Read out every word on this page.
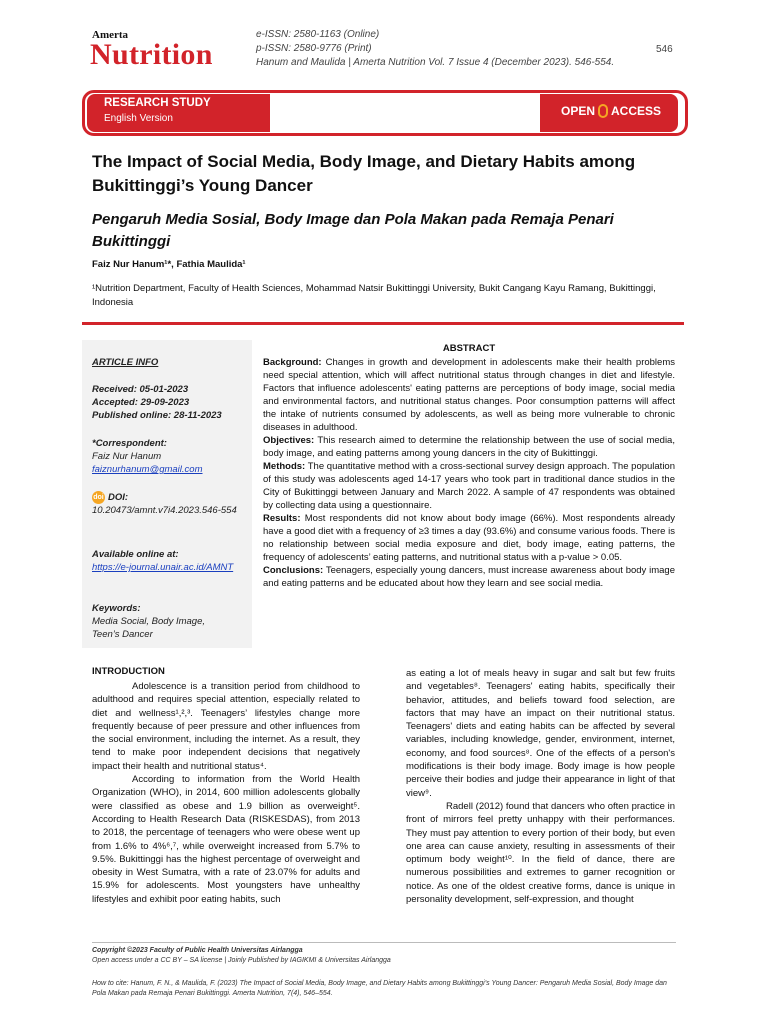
Amerta
Nutrition
e-ISSN: 2580-1163 (Online)
p-ISSN: 2580-9776 (Print)
Hanum and Maulida | Amerta Nutrition Vol. 7 Issue 4 (December 2023). 546-554.
546
RESEARCH STUDY
English Version
OPEN ACCESS
The Impact of Social Media, Body Image, and Dietary Habits among Bukittinggi’s Young Dancer
Pengaruh Media Sosial, Body Image dan Pola Makan pada Remaja Penari Bukittinggi
Faiz Nur Hanum¹*, Fathia Maulida¹
¹Nutrition Department, Faculty of Health Sciences, Mohammad Natsir Bukittinggi University, Bukit Cangang Kayu Ramang, Bukittinggi, Indonesia
ARTICLE INFO
Received: 05-01-2023
Accepted: 29-09-2023
Published online: 28-11-2023
*Correspondent:
Faiz Nur Hanum
faiznurhanum@gmail.com
doi DOI:
10.20473/amnt.v7i4.2023.546-554
Available online at:
https://e-journal.unair.ac.id/AMNT
Keywords:
Media Social, Body Image,
Teen’s Dancer
ABSTRACT

Background: Changes in growth and development in adolescents make their health problems need special attention, which will affect nutritional status through changes in diet and lifestyle. Factors that influence adolescents' eating patterns are perceptions of body image, social media and environmental factors, and nutritional status changes. Poor consumption patterns will affect the intake of nutrients consumed by adolescents, as well as being more vulnerable to chronic diseases in adulthood.

Objectives: This research aimed to determine the relationship between the use of social media, body image, and eating patterns among young dancers in the city of Bukittinggi.

Methods: The quantitative method with a cross-sectional survey design approach. The population of this study was adolescents aged 14-17 years who took part in traditional dance studios in the City of Bukittinggi between January and March 2022. A sample of 47 respondents was obtained by collecting data using a questionnaire.

Results: Most respondents did not know about body image (66%). Most respondents already have a good diet with a frequency of ≥3 times a day (93.6%) and consume various foods. There is no relationship between social media exposure and diet, body image, eating patterns, the frequency of adolescents’ eating patterns, and nutritional status with a p-value > 0.05.

Conclusions: Teenagers, especially young dancers, must increase awareness about body image and eating patterns and be educated about how they learn and see social media.

INTRODUCTION

Adolescence is a transition period from childhood to adulthood and requires special attention, especially related to diet and wellness¹,²,³. Teenagers’ lifestyles change more frequently because of peer pressure and other influences from the social environment, including the internet. As a result, they tend to make poor independent decisions that negatively impact their health and nutritional status⁴.

According to information from the World Health Organization (WHO), in 2014, 600 million adolescents globally were classified as obese and 1.9 billion as overweight⁵. According to Health Research Data (RISKESDAS), from 2013 to 2018, the percentage of teenagers who were obese went up from 1.6% to 4%⁶,⁷, while overweight increased from 5.7% to 9.5%. Bukittinggi has the highest percentage of overweight and obesity in West Sumatra, with a rate of 23.07% for adults and 15.9% for adolescents. Most youngsters have unhealthy lifestyles and exhibit poor eating habits, such

as eating a lot of meals heavy in sugar and salt but few fruits and vegetables⁸. Teenagers' eating habits, specifically their behavior, attitudes, and beliefs toward food selection, are factors that may have an impact on their nutritional status. Teenagers' diets and eating habits can be affected by several variables, including knowledge, gender, environment, internet, economy, and food sources⁸. One of the effects of a person's modifications is their body image. Body image is how people perceive their bodies and judge their appearance in light of that view⁹.

Radell (2012) found that dancers who often practice in front of mirrors feel pretty unhappy with their performances. They must pay attention to every portion of their body, but even one area can cause anxiety, resulting in assessments of their optimum body weight¹⁰. In the field of dance, there are numerous possibilities and extremes to garner recognition or notice. As one of the oldest creative forms, dance is unique in personality development, self-expression, and thought

Copyright ©2023 Faculty of Public Health Universitas Airlangga
Open access under a CC BY – SA license | Joinly Published by IAGIKMI & Universitas Airlangga
How to cite: Hanum, F. N., & Maulida, F. (2023) The Impact of Social Media, Body Image, and Dietary Habits among Bukittinggi’s Young Dancer: Pengaruh Media Sosial, Body Image dan Pola Makan pada Remaja Penari Bukittinggi. Amerta Nutrition, 7(4), 546–554.
